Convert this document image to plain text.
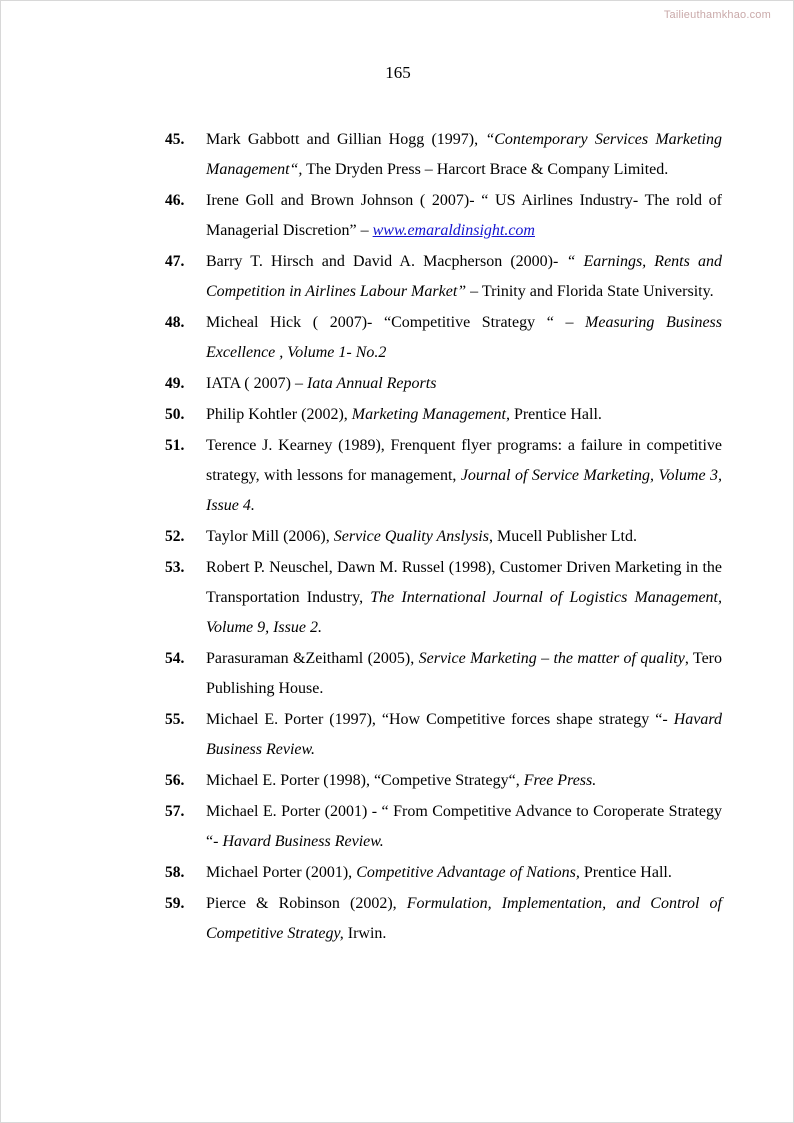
Tailieuthamkhao.com
165
45.	Mark Gabbott and Gillian Hogg (1997), “Contemporary Services Marketing Management“, The Dryden Press – Harcort Brace & Company Limited.
46.	Irene Goll and Brown Johnson ( 2007)- “ US Airlines Industry- The rold of Managerial Discretion” – www.emaraldinsight.com
47.	Barry T. Hirsch and David A. Macpherson (2000)- “ Earnings, Rents and Competition in Airlines Labour Market” – Trinity and Florida State University.
48.	Micheal Hick ( 2007)- “Competitive Strategy “ – Measuring Business Excellence , Volume 1- No.2
49.	IATA ( 2007) – Iata Annual Reports
50.	Philip Kohtler (2002), Marketing Management, Prentice Hall.
51.	Terence J. Kearney (1989), Frenquent flyer programs: a failure in competitive strategy, with lessons for management, Journal of Service Marketing, Volume 3, Issue 4.
52.	Taylor Mill (2006), Service Quality Anslysis, Mucell Publisher Ltd.
53.	Robert P. Neuschel, Dawn M. Russel (1998), Customer Driven Marketing in the Transportation Industry, The International Journal of Logistics Management, Volume 9, Issue 2.
54.	Parasuraman &Zeithaml (2005), Service Marketing – the matter of quality, Tero Publishing House.
55.	Michael E. Porter (1997), “How Competitive forces shape strategy “- Havard Business Review.
56.	Michael E. Porter (1998), “Competive Strategy“, Free Press.
57.	Michael E. Porter (2001) - “ From Competitive Advance to Coroperate Strategy “- Havard Business Review.
58.	Michael Porter (2001), Competitive Advantage of Nations, Prentice Hall.
59.	Pierce & Robinson (2002), Formulation, Implementation, and Control of Competitive Strategy, Irwin.
